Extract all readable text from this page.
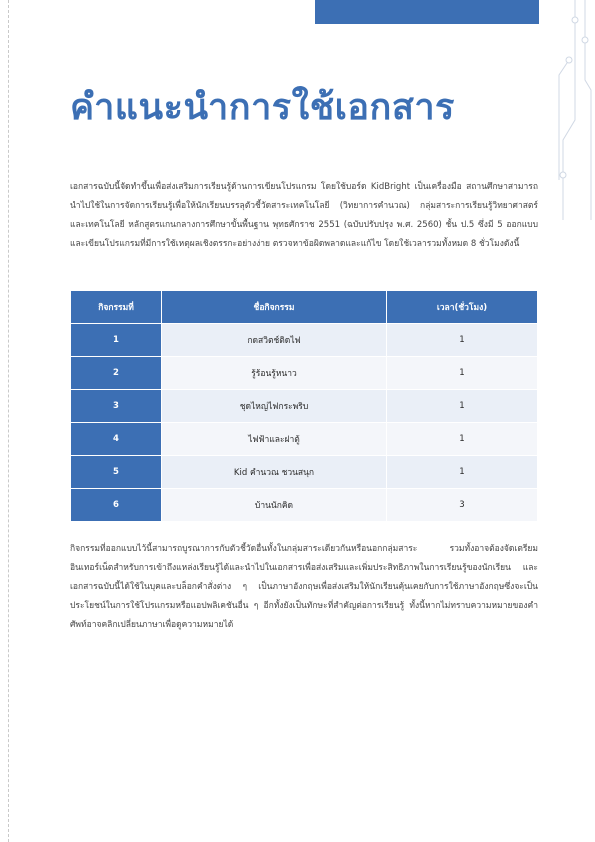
คำแนะนำการใช้เอกสาร

เอกสารฉบับนี้จัดทำขึ้นเพื่อส่งเสริมการเรียนรู้ด้านการเขียนโปรแกรม โดยใช้บอร์ด KidBright เป็นเครื่องมือ สถานศึกษาสามารถนำไปใช้ในการจัดการเรียนรู้เพื่อให้นักเรียนบรรลุตัวชี้วัดสาระเทคโนโลยี (วิทยาการคำนวณ) กลุ่มสาระการเรียนรู้วิทยาศาสตร์และเทคโนโลยี หลักสูตรแกนกลางการศึกษาขั้นพื้นฐาน พุทธศักราช 2551 (ฉบับปรับปรุง พ.ศ. 2560) ชั้น ป.5 ซึ่งมี 5 ออกแบบและเขียนโปรแกรมที่มีการใช้เหตุผลเชิงตรรกะอย่างง่าย ตรวจหาข้อผิดพลาดและแก้ไข โดยใช้เวลารวมทั้งหมด 8 ชั่วโมงดังนี้

กิจกรรมที่	ชื่อกิจกรรม	เวลา(ชั่วโมง)
1	กดสวิตช์ติดไฟ	1
2	รู้ร้อนรู้หนาว	1
3	ชุดไหญ่ไฟกระพริบ	1
4	ไฟฟ้าและฝาตู้	1
5	Kid คำนวณ ชวนสนุก	1
6	บ้านนักคิด	3

กิจกรรมที่ออกแบบไว้นี้สามารถบูรณาการกับตัวชี้วัดอื่นทั้งในกลุ่มสาระเดียวกันหรือนอกกลุ่มสาระ รวมทั้งอาจต้องจัดเตรียมอินเทอร์เน็ตสำหรับการเข้าถึงแหล่งเรียนรู้ได้และนำไปในเอกสารเพื่อส่งเสริมและเพิ่มประสิทธิภาพในการเรียนรู้ของนักเรียน และเอกสารฉบับนี้ได้ใช้ในบุคและบล็อกคำสั่งต่าง ๆ เป็นภาษาอังกฤษเพื่อส่งเสริมให้นักเรียนคุ้นเคยกับการใช้ภาษาอังกฤษซึ่งจะเป็นประโยชน์ในการใช้โปรแกรมหรือแอปพลิเคชันอื่น ๆ อีกทั้งยังเป็นทักษะที่สำคัญต่อการเรียนรู้ ทั้งนี้หากไม่ทราบความหมายของคำศัพท์อาจคลิกเปลี่ยนภาษาเพื่อดูความหมายได้
